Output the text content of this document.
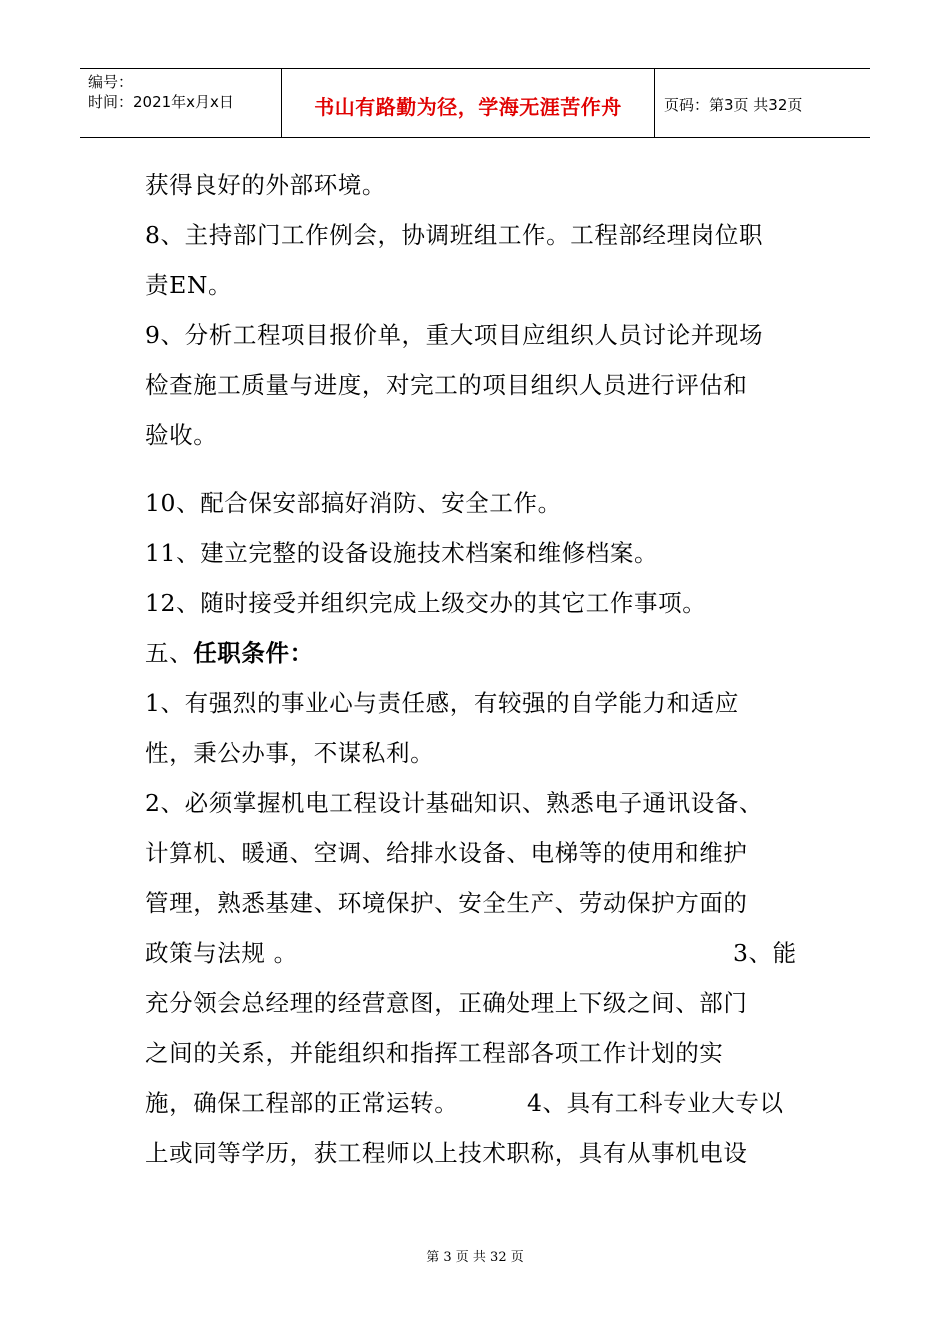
编号：
时间：2021年x月x日	书山有路勤为径，学海无涯苦作舟	页码：第3页 共32页
获得良好的外部环境。
8、主持部门工作例会，协调班组工作。工程部经理岗位职
责EN。
9、分析工程项目报价单，重大项目应组织人员讨论并现场
检查施工质量与进度，对完工的项目组织人员进行评估和
验收。
10、配合保安部搞好消防、安全工作。
11、建立完整的设备设施技术档案和维修档案。
12、随时接受并组织完成上级交办的其它工作事项。
五、任职条件：
1、有强烈的事业心与责任感，有较强的自学能力和适应
性，秉公办事，不谋私利。
2、必须掌握机电工程设计基础知识、熟悉电子通讯设备、
计算机、暖通、空调、给排水设备、电梯等的使用和维护
管理，熟悉基建、环境保护、安全生产、劳动保护方面的
政策与法规 。	3、能
充分领会总经理的经营意图，正确处理上下级之间、部门
之间的关系，并能组织和指挥工程部各项工作计划的实
施，确保工程部的正常运转。	4、具有工科专业大专以
上或同等学历，获工程师以上技术职称，具有从事机电设
第 3 页 共 32 页
